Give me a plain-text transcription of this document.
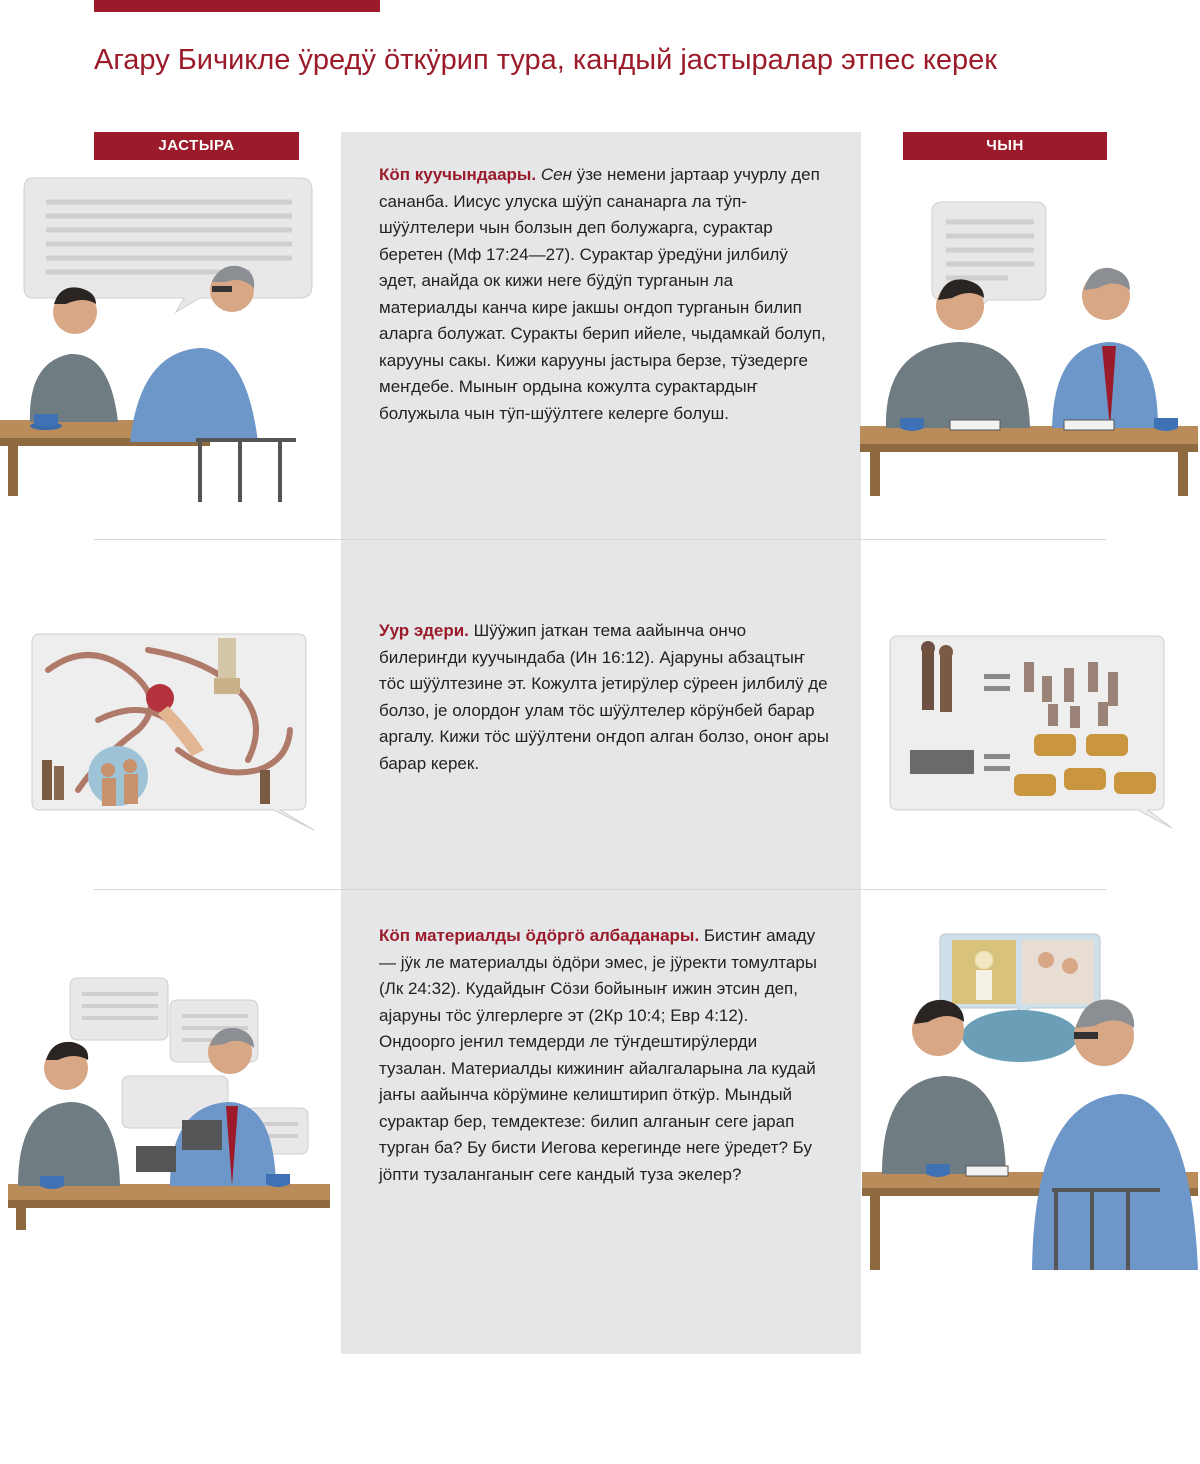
Агару Бичикле ӱредӱ ӧткӱрип тура, кандый јастыралар этпес керек
ЈАСТЫРА	ЧЫН
Кӧп куучындаары. Сен ӱзе немени јартаар учурлу деп сананба. Иисус улуска шӱӱп сананарга ла тӱп-шӱӱлтелери чын болзын деп болужарга, сурактар беретен (Мф 17:24—27). Сурактар ӱредӱни јилбилӱ эдет, анайда ок кижи неге бӱдӱп турганын ла материалды канча кире јакшы оҥдоп турганын билип аларга болужат. Суракты берип ийеле, чыдамкай болуп, карууны сакы. Кижи карууны јастыра берзе, тӱзедерге меҥдебе. Мыныҥ ордына кожулта сурактардыҥ болужыла чын тӱп-шӱӱлтеге келерге болуш.
Уур эдери. Шӱӱжип јаткан тема аайынча ончо билериҥди куучындаба (Ин 16:12). Ајаруны абзацтыҥ тӧс шӱӱлтезине эт. Кожулта јетирӱлер сӱреен јилбилӱ де болзо, је олордоҥ улам тӧс шӱӱлтелер кӧрӱнбей барар аргалу. Кижи тӧс шӱӱлтени оҥдоп алган болзо, оноҥ ары барар керек.
Кӧп материалды ӧдӧргӧ албаданары. Бистиҥ амаду — јӱк ле материалды ӧдӧри эмес, је јӱректи томултары (Лк 24:32). Кудайдыҥ Сӧзи бойыныҥ ижин этсин деп, ајаруны тӧс ӱлгерлерге эт (2Кр 10:4; Евр 4:12). Ондоорго јеҥил темдерди ле тӱҥдештирӱлерди тузалан. Материалды кижиниҥ айалгаларына ла кудай јаҥы аайынча кӧрӱмине келиштирип ӧткӱр. Мындый сурактар бер, темдектезе: билип алганыҥ сеге јарап турган ба? Бу бисти Иегова керегинде неге ӱредет? Бу јӧпти тузаланганыҥ сеге кандый туза экелер?
